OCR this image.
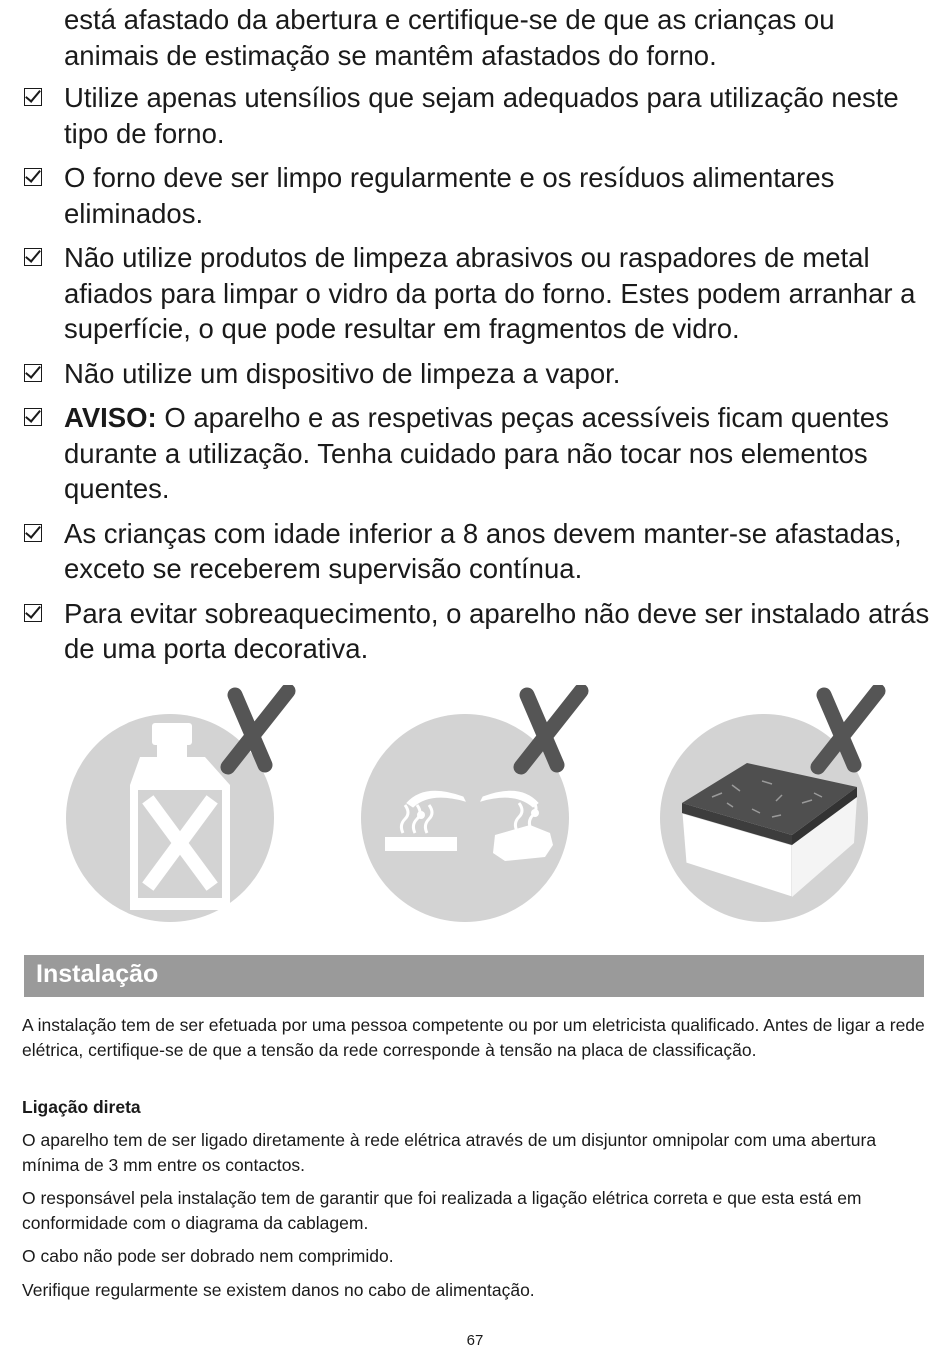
está afastado da abertura e certifique-se de que as crianças ou animais de estimação se mantêm afastados do forno.

Utilize apenas utensílios que sejam adequados para utilização neste tipo de forno.
O forno deve ser limpo regularmente e os resíduos alimentares eliminados.
Não utilize produtos de limpeza abrasivos ou raspadores de metal afiados para limpar o vidro da porta do forno. Estes podem arranhar a superfície, o que pode resultar em fragmentos de vidro.
Não utilize um dispositivo de limpeza a vapor.
AVISO: O aparelho e as respetivas peças acessíveis ficam quentes durante a utilização. Tenha cuidado para não tocar nos elementos quentes.
As crianças com idade inferior a 8 anos devem manter-se afastadas, exceto se receberem supervisão contínua.
Para evitar sobreaquecimento, o aparelho não deve ser instalado atrás de uma porta decorativa.
Instalação

A instalação tem de ser efetuada por uma pessoa competente ou por um eletricista qualificado. Antes de ligar a rede elétrica, certifique-se de que a tensão da rede corresponde à tensão na placa de classificação.

Ligação direta

O aparelho tem de ser ligado diretamente à rede elétrica através de um disjuntor omnipolar com uma abertura mínima de 3 mm entre os contactos.

O responsável pela instalação tem de garantir que foi realizada a ligação elétrica correta e que esta está em conformidade com o diagrama da cablagem.

O cabo não pode ser dobrado nem comprimido.

Verifique regularmente se existem danos no cabo de alimentação.

67
